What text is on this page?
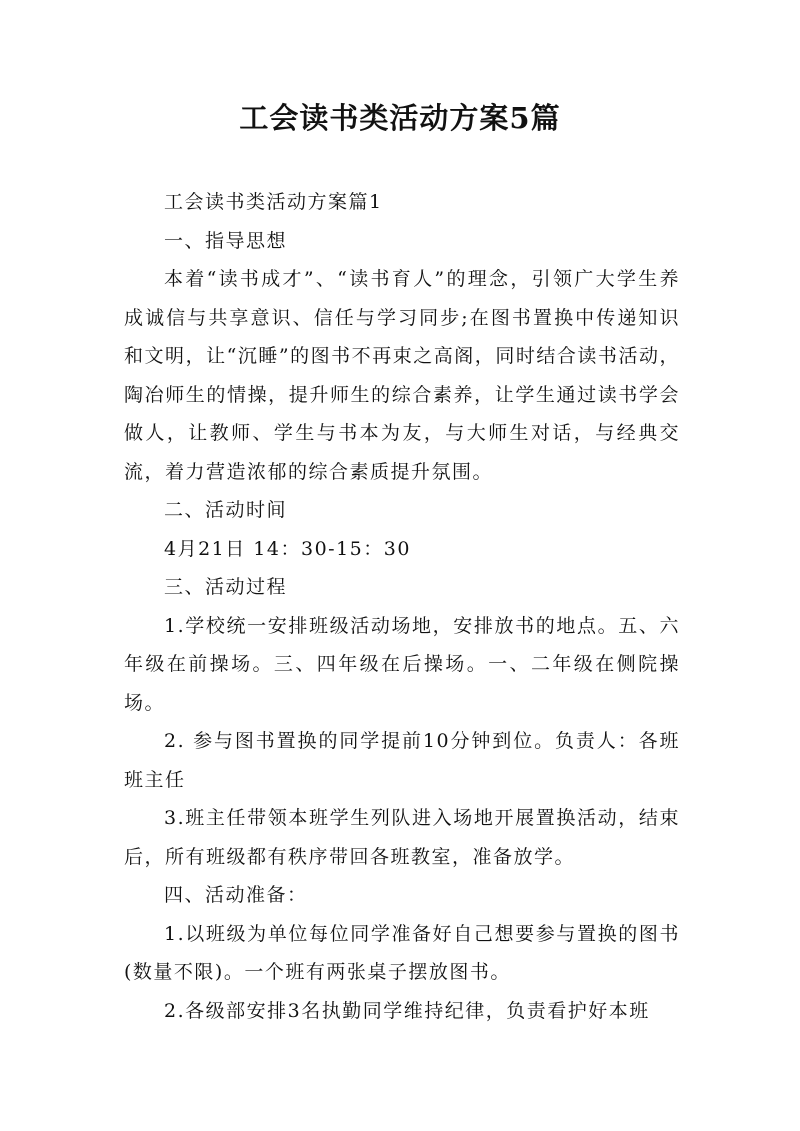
工会读书类活动方案5篇

工会读书类活动方案篇1

一、指导思想

本着“读书成才”、“读书育人”的理念，引领广大学生养成诚信与共享意识、信任与学习同步;在图书置换中传递知识和文明，让“沉睡”的图书不再束之高阁，同时结合读书活动，陶冶师生的情操，提升师生的综合素养，让学生通过读书学会做人，让教师、学生与书本为友，与大师生对话，与经典交流，着力营造浓郁的综合素质提升氛围。

二、活动时间

4月21日 14：30-15：30

三、活动过程

1.学校统一安排班级活动场地，安排放书的地点。五、六年级在前操场。三、四年级在后操场。一、二年级在侧院操场。

2. 参与图书置换的同学提前10分钟到位。负责人：各班班主任

3.班主任带领本班学生列队进入场地开展置换活动，结束后，所有班级都有秩序带回各班教室，准备放学。

四、活动准备：

1.以班级为单位每位同学准备好自己想要参与置换的图书(数量不限)。一个班有两张桌子摆放图书。

2.各级部安排3名执勤同学维持纪律，负责看护好本班
